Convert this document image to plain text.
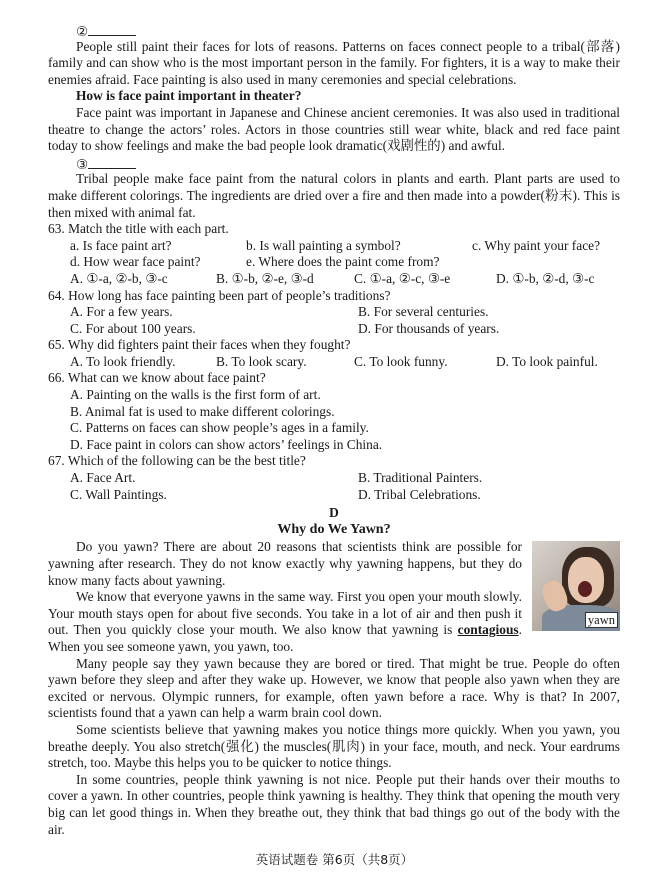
②

People still paint their faces for lots of reasons. Patterns on faces connect people to a tribal(部落) family and can show who is the most important person in the family. For fighters, it is a way to make their enemies afraid. Face painting is also used in many ceremonies and special celebrations.

How is face paint important in theater?

Face paint was important in Japanese and Chinese ancient ceremonies. It was also used in traditional theatre to change the actors’ roles. Actors in those countries still wear white, black and red face paint today to show feelings and make the bad people look dramatic(戏剧性的) and awful.

③

Tribal people make face paint from the natural colors in plants and earth. Plant parts are used to make different colorings. The ingredients are dried over a fire and then made into a powder(粉末). This is then mixed with animal fat.

63. Match the title with each part.
a. Is face paint art?	b. Is wall painting a symbol?	c. Why paint your face?
d. How wear face paint?	e. Where does the paint come from?
A. ①-a, ②-b, ③-c	B. ①-b, ②-e, ③-d	C. ①-a, ②-c, ③-e	D. ①-b, ②-d, ③-c
64. How long has face painting been part of people’s traditions?
A. For a few years.	B. For several centuries.
C. For about 100 years.	D. For thousands of years.
65. Why did fighters paint their faces when they fought?
A. To look friendly.	B. To look scary.	C. To look funny.	D. To look painful.
66. What can we know about face paint?
A. Painting on the walls is the first form of art.
B. Animal fat is used to make different colorings.
C. Patterns on faces can show people’s ages in a family.
D. Face paint in colors can show actors’ feelings in China.
67. Which of the following can be the best title?
A. Face Art.	B. Traditional Painters.
C. Wall Paintings.	D. Tribal Celebrations.
D
Why do We Yawn?
yawn

Do you yawn? There are about 20 reasons that scientists think are possible for yawning after research. They do not know exactly why yawning happens, but they do know many facts about yawning.

We know that everyone yawns in the same way. First you open your mouth slowly. Your mouth stays open for about five seconds. You take in a lot of air and then push it out. Then you quickly close your mouth. We also know that yawning is contagious. When you see someone yawn, you yawn, too.

Many people say they yawn because they are bored or tired. That might be true. People do often yawn before they sleep and after they wake up. However, we know that people also yawn when they are excited or nervous. Olympic runners, for example, often yawn before a race. Why is that? In 2007, scientists found that a yawn can help a warm brain cool down.

Some scientists believe that yawning makes you notice things more quickly. When you yawn, you breathe deeply. You also stretch(强化) the muscles(肌肉) in your face, mouth, and neck. Your eardrums stretch, too. Maybe this helps you to be quicker to notice things.

In some countries, people think yawning is not nice. People put their hands over their mouths to cover a yawn. In other countries, people think yawning is healthy. They think that opening the mouth very big can let good things in. When they breathe out, they think that bad things go out of the body with the air.

英语试题卷 第6页（共8页）
